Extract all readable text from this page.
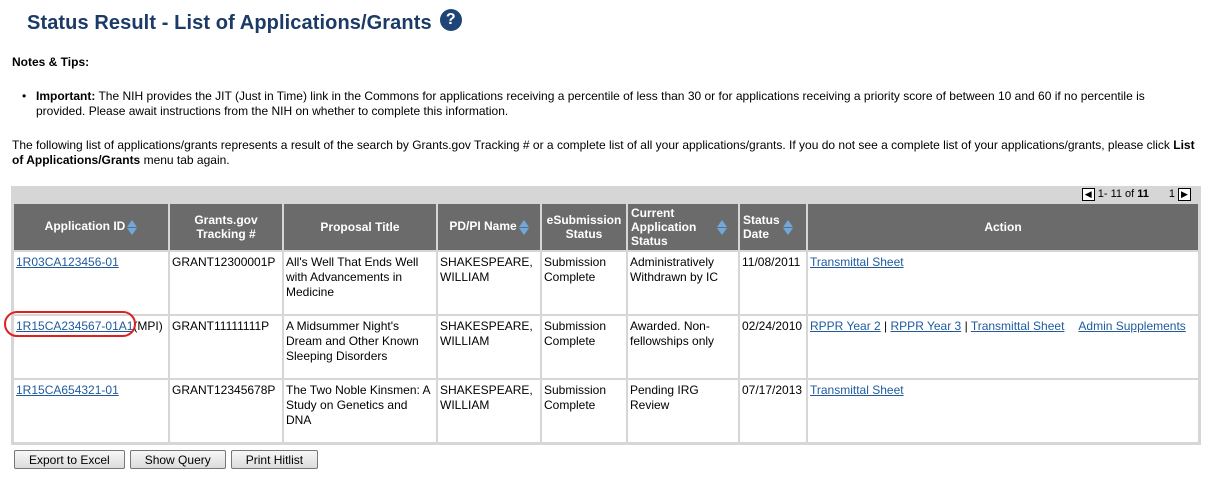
Status Result - List of Applications/Grants ?
Notes & Tips:
• Important: The NIH provides the JIT (Just in Time) link in the Commons for applications receiving a percentile of less than 30 or for applications receiving a priority score of between 10 and 60 if no percentile is provided. Please await instructions from the NIH on whether to complete this information.
The following list of applications/grants represents a result of the search by Grants.gov Tracking # or a complete list of all your applications/grants. If you do not see a complete list of your applications/grants, please click List of Applications/Grants menu tab again.
◀ 1- 11 of 11 1 ▶
Application ID	Grants.gov Tracking #	Proposal Title	PD/PI Name	eSubmission Status	Current Application Status	Status Date	Action
1R03CA123456-01	GRANT12300001P	All's Well That Ends Well with Advancements in Medicine	SHAKESPEARE, WILLIAM	Submission Complete	Administratively Withdrawn by IC	11/08/2011	Transmittal Sheet
1R15CA234567-01A1(MPI)	GRANT11111111P	A Midsummer Night's Dream and Other Known Sleeping Disorders	SHAKESPEARE, WILLIAM	Submission Complete	Awarded. Non-fellowships only	02/24/2010	RPPR Year 2 | RPPR Year 3 | Transmittal Sheet Admin Supplements
1R15CA654321-01	GRANT12345678P	The Two Noble Kinsmen: A Study on Genetics and DNA	SHAKESPEARE, WILLIAM	Submission Complete	Pending IRG Review	07/17/2013	Transmittal Sheet
Export to Excel	Show Query	Print Hitlist
